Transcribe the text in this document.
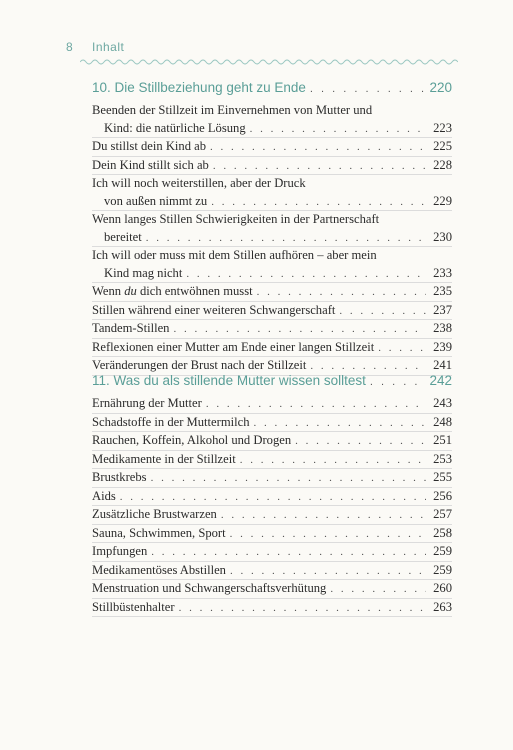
8 Inhalt
10. Die Stillbeziehung geht zu Ende . . .	220
Beenden der Stillzeit im Einvernehmen von Mutter und
Kind: die natürliche Lösung . . .	223
Du stillst dein Kind ab . . .	225
Dein Kind stillt sich ab . . .	228
Ich will noch weiterstillen, aber der Druck
von außen nimmt zu . . .	229
Wenn langes Stillen Schwierigkeiten in der Partnerschaft
bereitet . . .	230
Ich will oder muss mit dem Stillen aufhören – aber mein
Kind mag nicht . . .	233
Wenn du dich entwöhnen musst . . .	235
Stillen während einer weiteren Schwangerschaft . . .	237
Tandem-Stillen . . .	238
Reflexionen einer Mutter am Ende einer langen Stillzeit . . .	239
Veränderungen der Brust nach der Stillzeit . . .	241
11. Was du als stillende Mutter wissen solltest . . .	242
Ernährung der Mutter . . .	243
Schadstoffe in der Muttermilch . . .	248
Rauchen, Koffein, Alkohol und Drogen . . .	251
Medikamente in der Stillzeit . . .	253
Brustkrebs . . .	255
Aids . . .	256
Zusätzliche Brustwarzen . . .	257
Sauna, Schwimmen, Sport . . .	258
Impfungen . . .	259
Medikamentöses Abstillen . . .	259
Menstruation und Schwangerschaftsverhütung . . .	260
Stillbüstenhalter . . .	263
